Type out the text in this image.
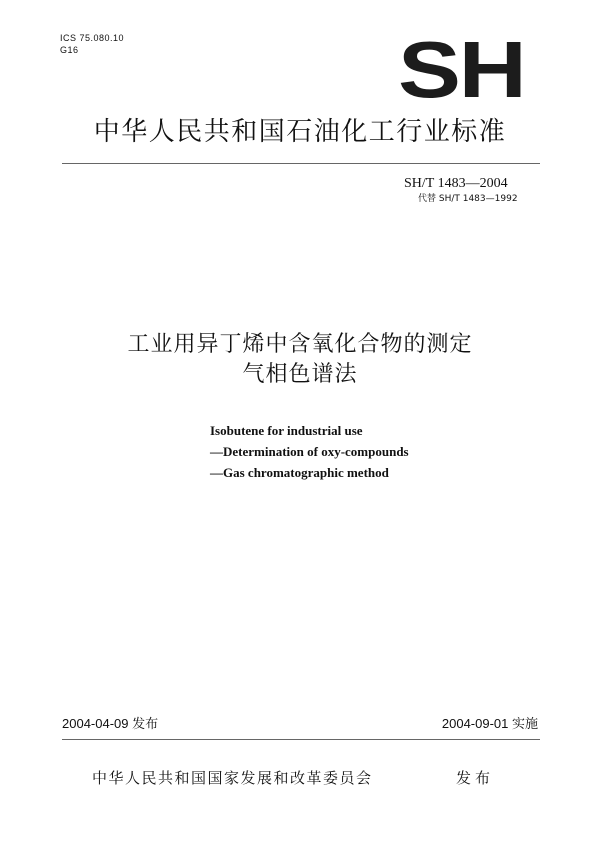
ICS 75.080.10
G16	SH
中华人民共和国石油化工行业标准
SH/T 1483—2004
代替 SH/T 1483—1992
工业用异丁烯中含氧化合物的测定
气相色谱法
Isobutene for industrial use
—Determination of oxy-compounds
—Gas chromatographic method
2004-04-09 发布	2004-09-01 实施
中华人民共和国国家发展和改革委员会	发布
